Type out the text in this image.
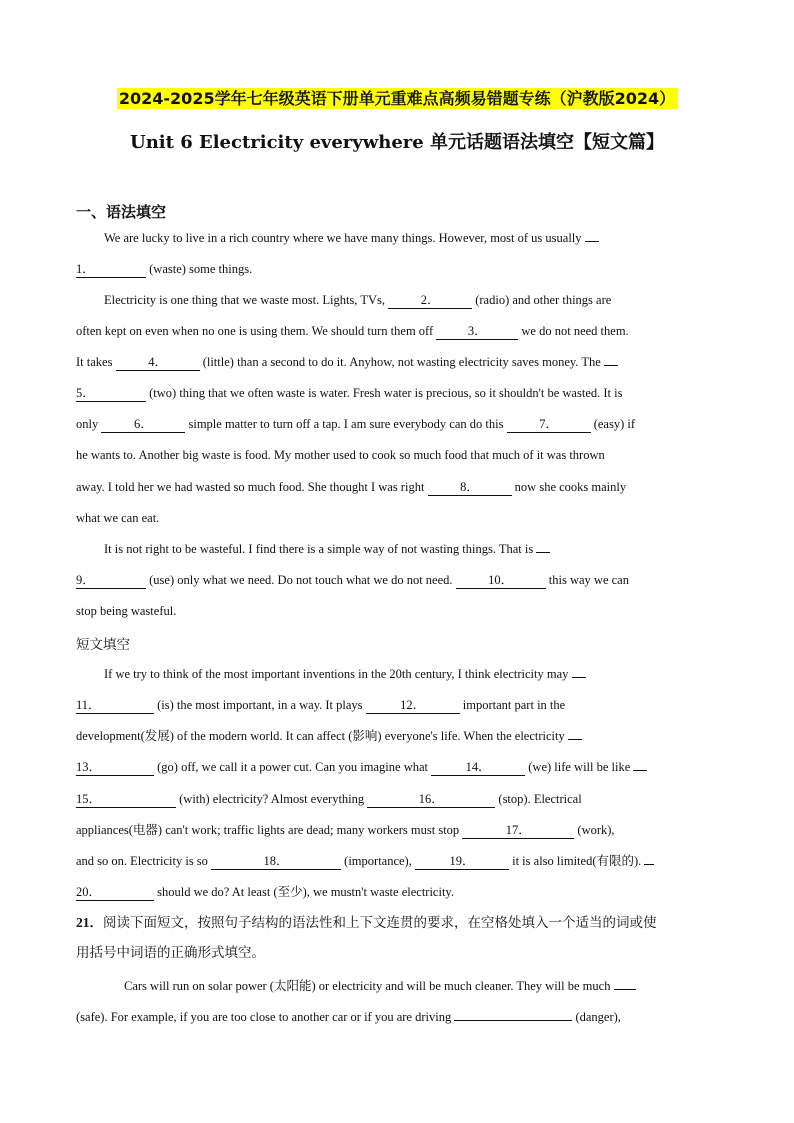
2024-2025学年七年级英语下册单元重难点高频易错题专练（沪教版2024）
Unit 6 Electricity everywhere 单元话题语法填空【短文篇】
一、语法填空
We are lucky to live in a rich country where we have many things. However, most of us usually
1．	(waste) some things.
Electricity is one thing that we waste most. Lights, TVs,	2．	(radio) and other things are
often kept on even when no one is using them. We should turn them off	3．	we do not need them.
It takes	4．	(little) than a second to do it. Anyhow, not wasting electricity saves money. The
5．	(two) thing that we often waste is water. Fresh water is precious, so it shouldn't be wasted. It is
only	6．	simple matter to turn off a tap. I am sure everybody can do this	7．	(easy) if
he wants to. Another big waste is food. My mother used to cook so much food that much of it was thrown
away. I told her we had wasted so much food. She thought I was right	8．	now she cooks mainly
what we can eat.
It is not right to be wasteful. I find there is a simple way of not wasting things. That is
9．	(use) only what we need. Do not touch what we do not need.	10．	this way we can
stop being wasteful.
短文填空
If we try to think of the most important inventions in the 20th century, I think electricity may
11．	(is) the most important, in a way. It plays	12．	important part in the
development(发展) of the modern world. It can affect (影响) everyone's life. When the electricity
13．	(go) off, we call it a power cut. Can you imagine what	14．	(we) life will be like
15．	(with) electricity? Almost everything	16．	(stop). Electrical
appliances(电器) can't work; traffic lights are dead; many workers must stop	17．	(work),
and so on. Electricity is so	18．	(importance),	19．	it is also limited(有限的).
20．	should we do? At least (至少), we mustn't waste electricity.
21．阅读下面短文，按照句子结构的语法性和上下文连贯的要求，在空格处填入一个适当的词或使
用括号中词语的正确形式填空。
Cars will run on solar power (太阳能) or electricity and will be much cleaner. They will be much
(safe). For example, if you are too close to another car or if you are driving	(danger),
